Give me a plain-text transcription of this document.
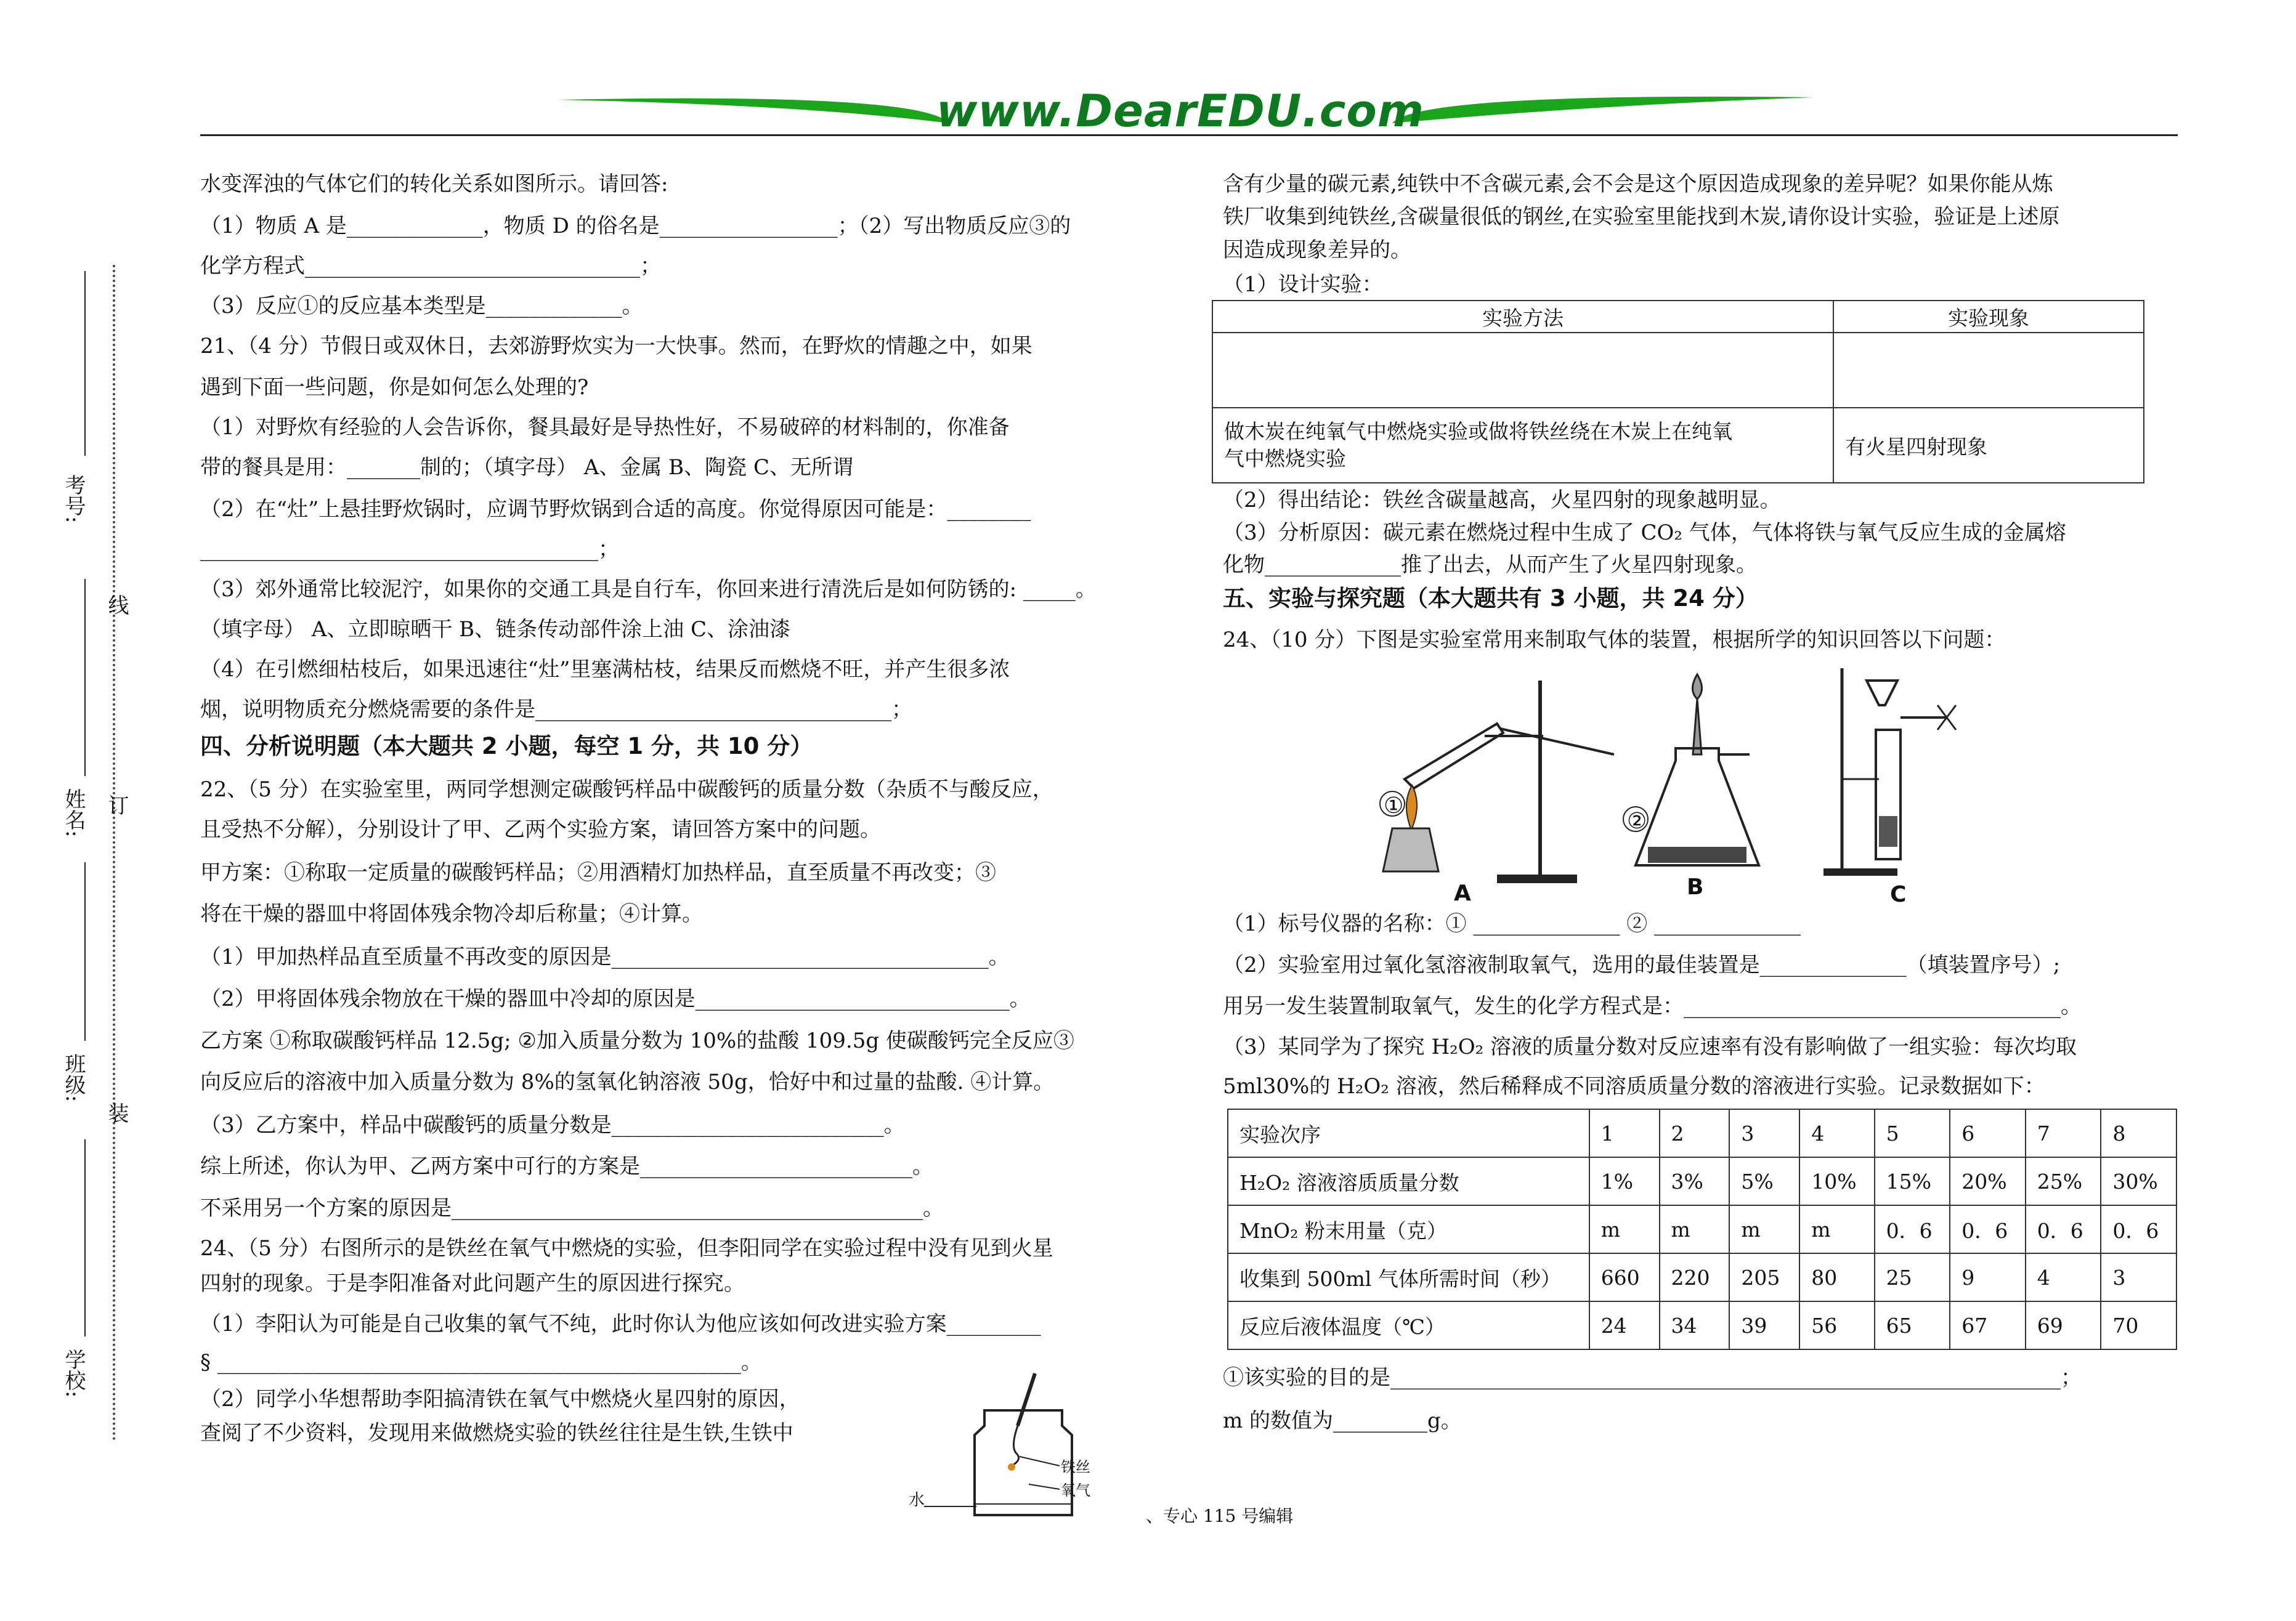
www.DearEDU.com
考号:
线
姓名: 订
班级:
装
学校:
水变浑浊的气体它们的转化关系如图所示。请回答:
（1）物质 A 是_____________，物质 D 的俗名是_________________；（2）写出物质反应③的
化学方程式________________________________；
（3）反应①的反应基本类型是_____________。
21、（4 分）节假日或双休日，去郊游野炊实为一大快事。然而，在野炊的情趣之中，如果
遇到下面一些问题，你是如何怎么处理的?
（1）对野炊有经验的人会告诉你，餐具最好是导热性好，不易破碎的材料制的，你准备
带的餐具是用：_______制的；（填字母） A、金属 B、陶瓷 C、无所谓
（2）在“灶”上悬挂野炊锅时，应调节野炊锅到合适的高度。你觉得原因可能是：________
______________________________________；
（3）郊外通常比较泥泞，如果你的交通工具是自行车，你回来进行清洗后是如何防锈的: _____。
（填字母） A、立即晾晒干 B、链条传动部件涂上油 C、涂油漆
（4）在引燃细枯枝后，如果迅速往“灶”里塞满枯枝，结果反而燃烧不旺，并产生很多浓
烟，说明物质充分燃烧需要的条件是__________________________________；
四、分析说明题（本大题共 2 小题，每空 1 分，共 10 分）
22、（5 分）在实验室里，两同学想测定碳酸钙样品中碳酸钙的质量分数（杂质不与酸反应，
且受热不分解），分别设计了甲、乙两个实验方案，请回答方案中的问题。
甲方案：①称取一定质量的碳酸钙样品；②用酒精灯加热样品，直至质量不再改变；③
将在干燥的器皿中将固体残余物冷却后称量；④计算。
（1）甲加热样品直至质量不再改变的原因是____________________________________。
（2）甲将固体残余物放在干燥的器皿中冷却的原因是______________________________。
乙方案 ①称取碳酸钙样品 12.5g; ②加入质量分数为 10%的盐酸 109.5g 使碳酸钙完全反应③
向反应后的溶液中加入质量分数为 8%的氢氧化钠溶液 50g，恰好中和过量的盐酸. ④计算。
（3）乙方案中，样品中碳酸钙的质量分数是__________________________。
综上所述，你认为甲、乙两方案中可行的方案是__________________________。
不采用另一个方案的原因是_____________________________________________。
24、（5 分）右图所示的是铁丝在氧气中燃烧的实验，但李阳同学在实验过程中没有见到火星
四射的现象。于是李阳准备对此问题产生的原因进行探究。
（1）李阳认为可能是自己收集的氧气不纯，此时你认为他应该如何改进实验方案_________
§ __________________________________________________。
（2）同学小华想帮助李阳搞清铁在氧气中燃烧火星四射的原因，
查阅了不少资料，发现用来做燃烧实验的铁丝往往是生铁,生铁中
水
铁丝
氧气
含有少量的碳元素,纯铁中不含碳元素,会不会是这个原因造成现象的差异呢？如果你能从炼
铁厂收集到纯铁丝,含碳量很低的钢丝,在实验室里能找到木炭,请你设计实验，验证是上述原
因造成现象差异的。
（1）设计实验：
实验方法	实验现象

做木炭在纯氧气中燃烧实验或做将铁丝绕在木炭上在纯氧
气中燃烧实验	有火星四射现象
（2）得出结论：铁丝含碳量越高，火星四射的现象越明显。
（3）分析原因：碳元素在燃烧过程中生成了 CO₂ 气体，气体将铁与氧气反应生成的金属熔
化物_____________推了出去，从而产生了火星四射现象。
五、实验与探究题（本大题共有 3 小题，共 24 分）
24、（10 分）下图是实验室常用来制取气体的装置，根据所学的知识回答以下问题：
①
②
A	B	C
（1）标号仪器的名称：① ______________ ② ______________
（2）实验室用过氧化氢溶液制取氧气，选用的最佳装置是______________（填装置序号）;
用另一发生装置制取氧气，发生的化学方程式是：____________________________________。
（3）某同学为了探究 H₂O₂ 溶液的质量分数对反应速率有没有影响做了一组实验：每次均取
5ml30%的 H₂O₂ 溶液，然后稀释成不同溶质质量分数的溶液进行实验。记录数据如下：
实验次序	1	2	3	4	5	6	7	8
H₂O₂ 溶液溶质质量分数	1%	3%	5%	10%	15%	20%	25%	30%
MnO₂ 粉末用量（克）	m	m	m	m	0．6	0．6	0．6	0．6
收集到 500ml 气体所需时间（秒）	660	220	205	80	25	9	4	3
反应后液体温度（℃）	24	34	39	56	65	67	69	70
①该实验的目的是________________________________________________________________；
m 的数值为_________g。
、专心 115 号编辑
